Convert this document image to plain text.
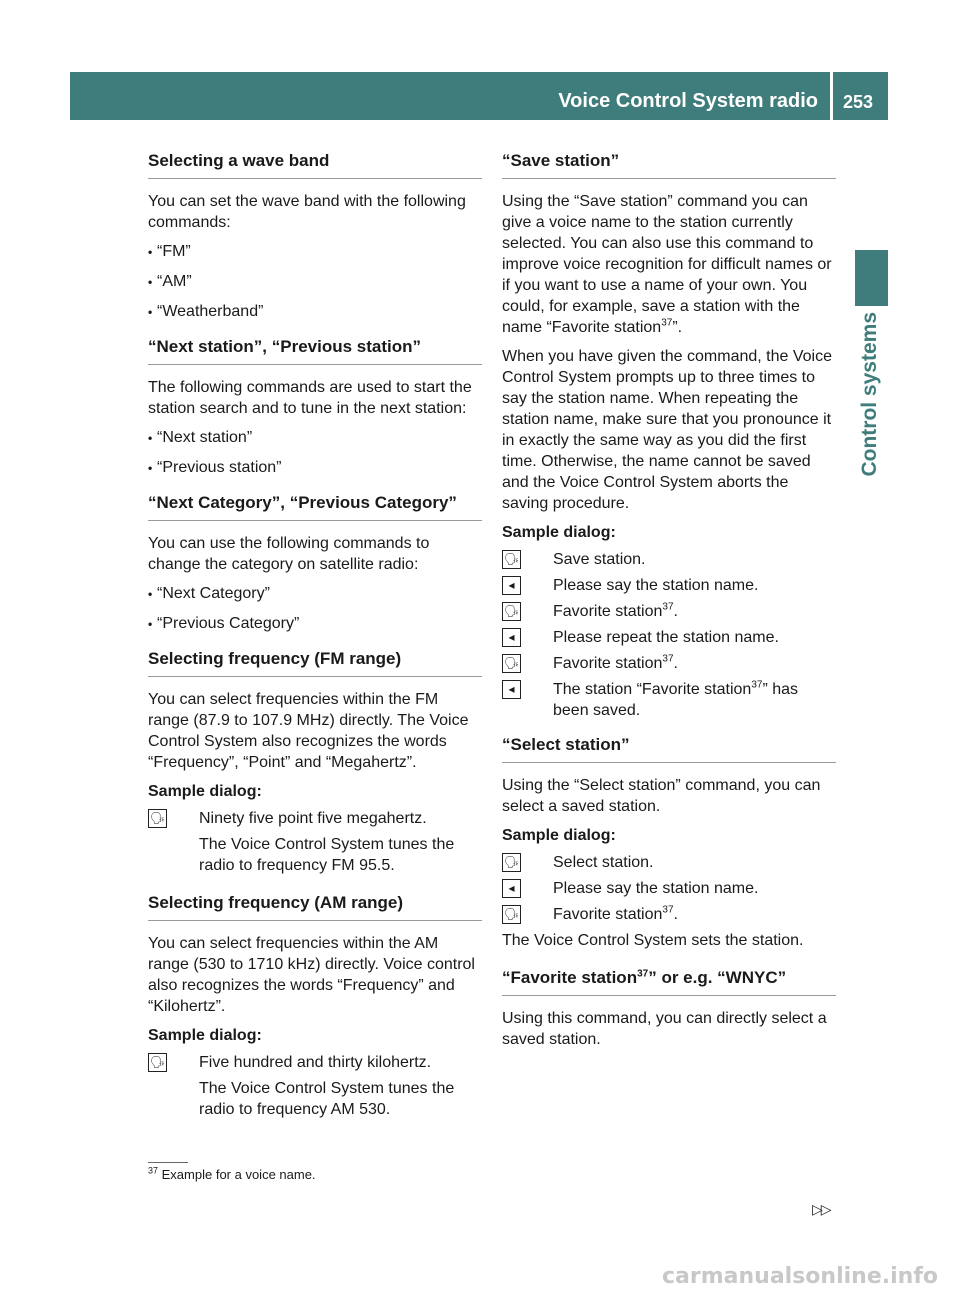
Voice Control System radio 253
Control systems
Selecting a wave band

You can set the wave band with the following commands:

• “FM”
• “AM”
• “Weatherband”
“Next station”, “Previous station”

The following commands are used to start the station search and to tune in the next station:

• “Next station”
• “Previous station”
“Next Category”, “Previous Category”

You can use the following commands to change the category on satellite radio:

• “Next Category”
• “Previous Category”
Selecting frequency (FM range)

You can select frequencies within the FM range (87.9 to 107.9 MHz) directly. The Voice Control System also recognizes the words “Frequency”, “Point” and “Megahertz”.

Sample dialog:
🗣 Ninety five point five megahertz.
The Voice Control System tunes the radio to frequency FM 95.5.
Selecting frequency (AM range)

You can select frequencies within the AM range (530 to 1710 kHz) directly. Voice control also recognizes the words “Frequency” and “Kilohertz”.

Sample dialog:
🗣 Five hundred and thirty kilohertz.
The Voice Control System tunes the radio to frequency AM 530.
“Save station”

Using the “Save station” command you can give a voice name to the station currently selected. You can also use this command to improve voice recognition for difficult names or if you want to use a name of your own. You could, for example, save a station with the name “Favorite station$^{37}$”.

When you have given the command, the Voice Control System prompts up to three times to say the station name. When repeating the station name, make sure that you pronounce it in exactly the same way as you did the first time. Otherwise, the name cannot be saved and the Voice Control System aborts the saving procedure.

Sample dialog:
🗣 Save station.
◂	Please say the station name.
🗣 Favorite station$^{37}$.
◂	Please repeat the station name.
🗣 Favorite station$^{37}$.
◂	The station “Favorite station$^{37}$” has been saved.
“Select station”

Using the “Select station” command, you can select a saved station.

Sample dialog:
🗣 Select station.
◂	Please say the station name.
🗣 Favorite station$^{37}$.

The Voice Control System sets the station.

“Favorite station$^{37}$” or e.g. “WNYC”

Using this command, you can directly select a saved station.

$^{37}$ Example for a voice name.
▷▷
carmanualsonline.info
